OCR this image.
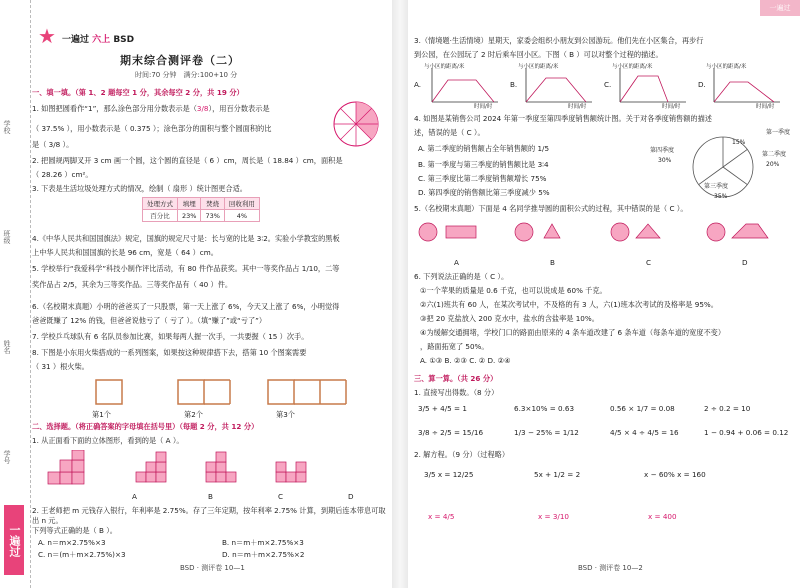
学校
班级
姓名
学号
一遍过
★ 一遍过 六上 BSD
期末综合测评卷（二）
时间:70 分钟　 满分:100+10 分
一、填一填。（第 1、2 题每空 1 分，其余每空 2 分，共 19 分）
1. 如图把圆看作“1”，那么涂色部分用分数表示是（3/8），用百分数表示是
（ 37.5% ），用小数表示是（ 0.375 ）；涂色部分的面积与整个圆面积的比
是（ 3/8 ）。
2. 把圆规两脚叉开 3 cm 画一个圆，这个圆的直径是（ 6 ）cm，周长是（ 18.84 ）cm，面积是
（ 28.26 ）cm²。
3. 下表是生活垃圾处理方式的情况，绘制（ 扇形 ）统计图更合适。
处理方式	填埋	焚烧	回收利用
百分比	23%	73%	4%
4.《中华人民共和国国旗法》规定，国旗的规定尺寸是：长与宽的比是 3∶2。实验小学教室的黑板
上中华人民共和国国旗的长是 96 cm，宽是（ 64 ）cm。
5. 学校举行“我爱科学”科技小制作评比活动，有 80 件作品获奖。其中一等奖作品占 1/10，二等
奖作品占 2/5，其余为三等奖作品。三等奖作品有（ 40 ）件。
6.（名校期末真题）小明的爸爸买了一只股票，第一天上涨了 6%，今天又上涨了 6%，小明觉得
爸爸既赚了 12% 的钱，但爸爸说他亏了（ 亏了 ）。（填“赚了”或“亏了”）
7. 学校乒乓球队有 6 名队员参加比赛，如果每两人握一次手，一共要握（ 15 ）次手。
8. 下图是小东用火柴搭成的一系列图案，如果按这种规律搭下去，搭第 10 个图案需要
（ 31 ）根火柴。
第1个	第2个	第3个
二、选择题。（将正确答案的字母填在括号里）（每题 2 分，共 12 分）
1. 从正面看下面的立体图形，看到的是（ A ）。
A	B	C	D
2. 王老师把 m 元钱存入银行，年利率是 2.75%。存了三年定期，按年利率 2.75% 计算，到期后连本带息可取出 n 元。
下列等式正确的是（ B ）。
A. n＝m×2.75%×3	B. n＝m＋m×2.75%×3
C. n＝(m＋m×2.75%)×3	D. n＝m＋m×2.75%×2
BSD · 测评卷 10—1
一遍过
3.（情境题·生活情境）星期天，家委会组织小朋友到公园游玩。他们先在小区集合，再步行
到公园，在公园玩了 2 时后乘车回小区。下图（ B ）可以对整个过程的描述。
与小区的距离/米	与小区的距离/米	与小区的距离/米	与小区的距离/米
A.	B.	C.	D.
时间/时	时间/时	时间/时	时间/时
4. 如图是某销售公司 2024 年第一季度至第四季度销售额统计图。关于对各季度销售额的描述
述，错误的是（ C ）。
A. 第二季度的销售额占全年销售额的 1/5
B. 第一季度与第三季度的销售额比是 3∶4
C. 第三季度比第二季度销售额增长 75%
D. 第四季度的销售额比第三季度减少 5%
第一季度
15%
第二季度
20%
第四季度
30%
第三季度
35%
5.（名校期末真题）下面是 4 名同学推导圆的面积公式的过程，其中错误的是（ C ）。
A	B	C	D
6. 下列说法正确的是（ C ）。
①一个苹果的质量是 0.6 千克，也可以说成是 60% 千克。
②六(1)班共有 60 人，在某次考试中，不及格的有 3 人，六(1)班本次考试的及格率是 95%。
③把 20 克盐放入 200 克水中，盐水的含盐率是 10%。
④为缓解交通拥堵，学校门口的路面由原来的 4 条车道改建了 6 条车道（每条车道的宽度不变）
，路面拓宽了 50%。
A. ①③ B. ②③ C. ② D. ②④
三、算一算。（共 26 分）
1. 直接写出得数。（8 分）
3/5 + 4/5 = 1	6.3×10% = 0.63	0.56 × 1/7 = 0.08	2 ÷ 0.2 = 10
3/8 ÷ 2/5 = 15/16	1/3 − 25% = 1/12	4/5 × 4 ÷ 4/5 = 16	1 − 0.94 + 0.06 = 0.12
2. 解方程。（9 分）（过程略）
3/5 x = 12/25	5x + 1/2 = 2	x − 60% x = 160
x = 4/5	x = 3/10	x = 400
BSD · 测评卷 10—2
